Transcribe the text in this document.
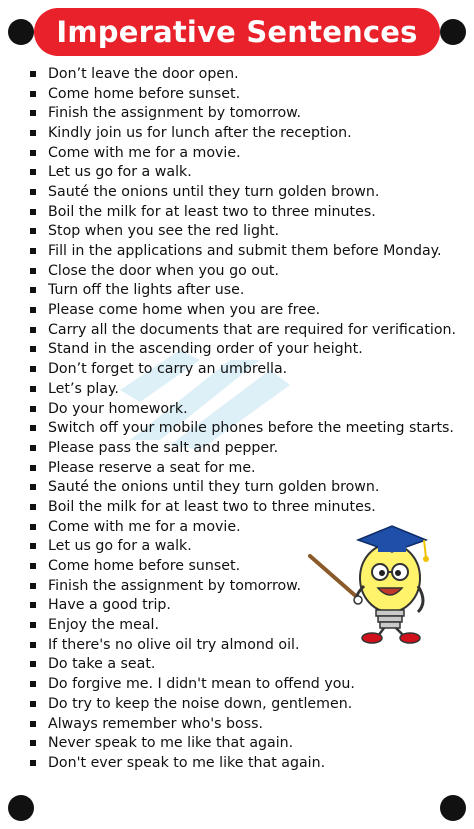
Imperative Sentences
Don’t leave the door open.
Come home before sunset.
Finish the assignment by tomorrow.
Kindly join us for lunch after the reception.
Come with me for a movie.
Let us go for a walk.
Sauté the onions until they turn golden brown.
Boil the milk for at least two to three minutes.
Stop when you see the red light.
Fill in the applications and submit them before Monday.
Close the door when you go out.
Turn off the lights after use.
Please come home when you are free.
Carry all the documents that are required for verification.
Stand in the ascending order of your height.
Don’t forget to carry an umbrella.
Let’s play.
Do your homework.
Switch off your mobile phones before the meeting starts.
Please pass the salt and pepper.
Please reserve a seat for me.
Sauté the onions until they turn golden brown.
Boil the milk for at least two to three minutes.
Come with me for a movie.
Let us go for a walk.
Come home before sunset.
Finish the assignment by tomorrow.
Have a good trip.
Enjoy the meal.
If there's no olive oil try almond oil.
Do take a seat.
Do forgive me. I didn't mean to offend you.
Do try to keep the noise down, gentlemen.
Always remember who's boss.
Never speak to me like that again.
Don't ever speak to me like that again.
